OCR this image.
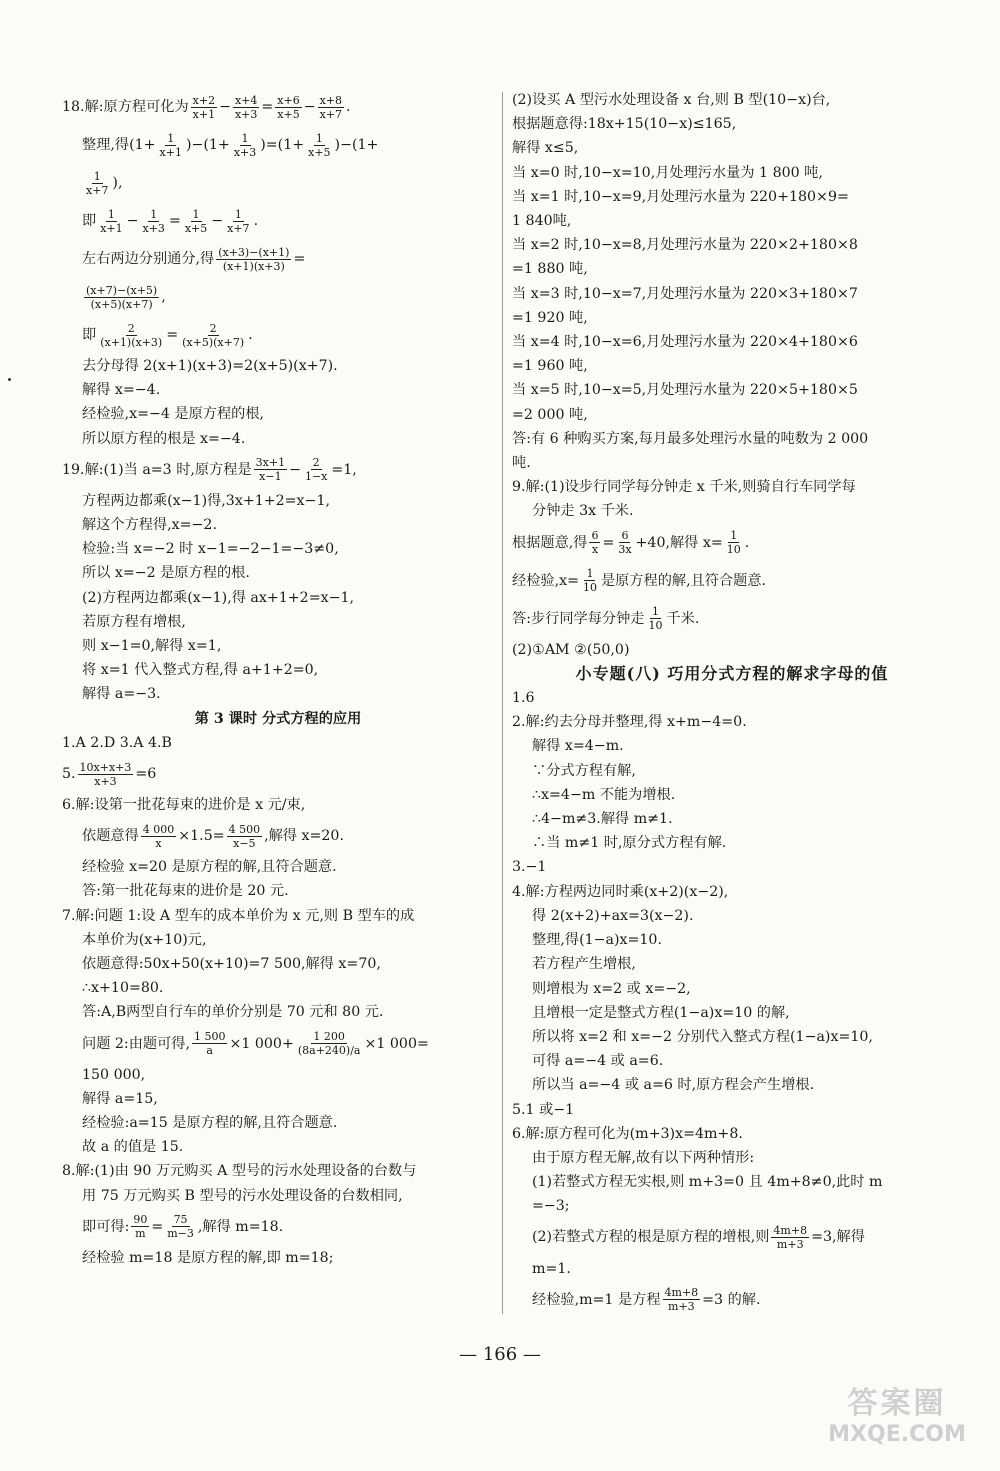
18.解:原方程可化为 $\frac{x+2}{x+1} - \frac{x+4}{x+3} = \frac{x+6}{x+5} - \frac{x+8}{x+7}$ .
整理,得$(1+ \frac{1}{x+1} )-(1+ \frac{1}{x+3} )=(1+ \frac{1}{x+5} )-(1+$
$\frac{1}{x+7}$ ),
即 $\frac{1}{x+1} - \frac{1}{x+3} = \frac{1}{x+5} - \frac{1}{x+7}$ .
左右两边分别通分,得 $\frac{(x+3)-(x+1)}{(x+1)(x+3)}$ =
$\frac{(x+7)-(x+5)}{(x+5)(x+7)}$ ,
即 $\frac{2}{(x+1)(x+3)} = \frac{2}{(x+5)(x+7)}$ .
去分母得 2(x+1)(x+3)=2(x+5)(x+7).
解得 x=−4.
经检验,x=−4 是原方程的根,
所以原方程的根是 x=−4.
19.解:(1)当 a=3 时,原方程是 $\frac{3x+1}{x-1} - \frac{2}{1-x} =1$,
方程两边都乘(x−1)得,3x+1+2=x−1,
解这个方程得,x=−2.
检验:当 x=−2 时 x−1=−2−1=−3≠0,
所以 x=−2 是原方程的根.
(2)方程两边都乘(x−1),得 ax+1+2=x−1,
若原方程有增根,
则 x−1=0,解得 x=1,
将 x=1 代入整式方程,得 a+1+2=0,
解得 a=−3.
第 3 课时 分式方程的应用
1.A 2.D 3.A 4.B
5. $\frac{10x+x+3}{x+3} =6$
6.解:设第一批花每束的进价是 x 元/束,
依题意得 $\frac{4 000}{x} \times 1.5= \frac{4 500}{x-5}$ ,解得 x=20.
经检验 x=20 是原方程的解,且符合题意.
答:第一批花每束的进价是 20 元.
7.解:问题 1:设 A 型车的成本单价为 x 元,则 B 型车的成
本单价为(x+10)元,
依题意得:50x+50(x+10)=7 500,解得 x=70,
∴x+10=80.
答:A,B两型自行车的单价分别是 70 元和 80 元.
问题 2:由题可得, $\frac{1 500}{a} \times 1$ $000+ \frac{1 200}{(8a+240)/a} \times 1$ 000=
150 000,
解得 a=15,
经检验:a=15 是原方程的解,且符合题意.
故 a 的值是 15.
8.解:(1)由 90 万元购买 A 型号的污水处理设备的台数与
用 75 万元购买 B 型号的污水处理设备的台数相同,
即可得: $\frac{90}{m} = \frac{75}{m-3}$ ,解得 m=18.
经检验 m=18 是原方程的解,即 m=18;
(2)设买 A 型污水处理设备 x 台,则 B 型(10−x)台,
根据题意得:18x+15(10−x)≤165,
解得 x≤5,
当 x=0 时,10−x=10,月处理污水量为 1 800 吨,
当 x=1 时,10−x=9,月处理污水量为 220+180×9=
1 840吨,
当 x=2 时,10−x=8,月处理污水量为 220×2+180×8
=1 880 吨,
当 x=3 时,10−x=7,月处理污水量为 220×3+180×7
=1 920 吨,
当 x=4 时,10−x=6,月处理污水量为 220×4+180×6
=1 960 吨,
当 x=5 时,10−x=5,月处理污水量为 220×5+180×5
=2 000 吨,
答:有 6 种购买方案,每月最多处理污水量的吨数为 2 000
吨.
9.解:(1)设步行同学每分钟走 x 千米,则骑自行车同学每
分钟走 3x 千米.
根据题意,得 $\frac{6}{x} = \frac{6}{3x} +40$,解得 $x= \frac{1}{10}$ .
经检验$,x= \frac{1}{10}$ 是原方程的解,且符合题意.
答:步行同学每分钟走 $\frac{1}{10}$ 千米.
(2)①AM ②(50,0)
小专题(八) 巧用分式方程的解求字母的值
1.6
2.解:约去分母并整理,得 x+m−4=0.
解得 x=4−m.
∵分式方程有解,
∴x=4−m 不能为增根.
∴4−m≠3.解得 m≠1.
∴当 m≠1 时,原分式方程有解.
3.−1
4.解:方程两边同时乘(x+2)(x−2),
得 2(x+2)+ax=3(x−2).
整理,得(1−a)x=10.
若方程产生增根,
则增根为 x=2 或 x=−2,
且增根一定是整式方程(1−a)x=10 的解,
所以将 x=2 和 x=−2 分别代入整式方程(1−a)x=10,
可得 a=−4 或 a=6.
所以当 a=−4 或 a=6 时,原方程会产生增根.
5.1 或−1
6.解:原方程可化为(m+3)x=4m+8.
由于原方程无解,故有以下两种情形:
(1)若整式方程无实根,则 m+3=0 且 4m+8≠0,此时 m
=−3;
(2)若整式方程的根是原方程的增根,则 $\frac{4m+8}{m+3} =3$,解得
m=1.
经检验,m=1 是方程 $\frac{4m+8}{m+3} =3$ 的解.
— 166 —
答案圈
MXQE.COM
